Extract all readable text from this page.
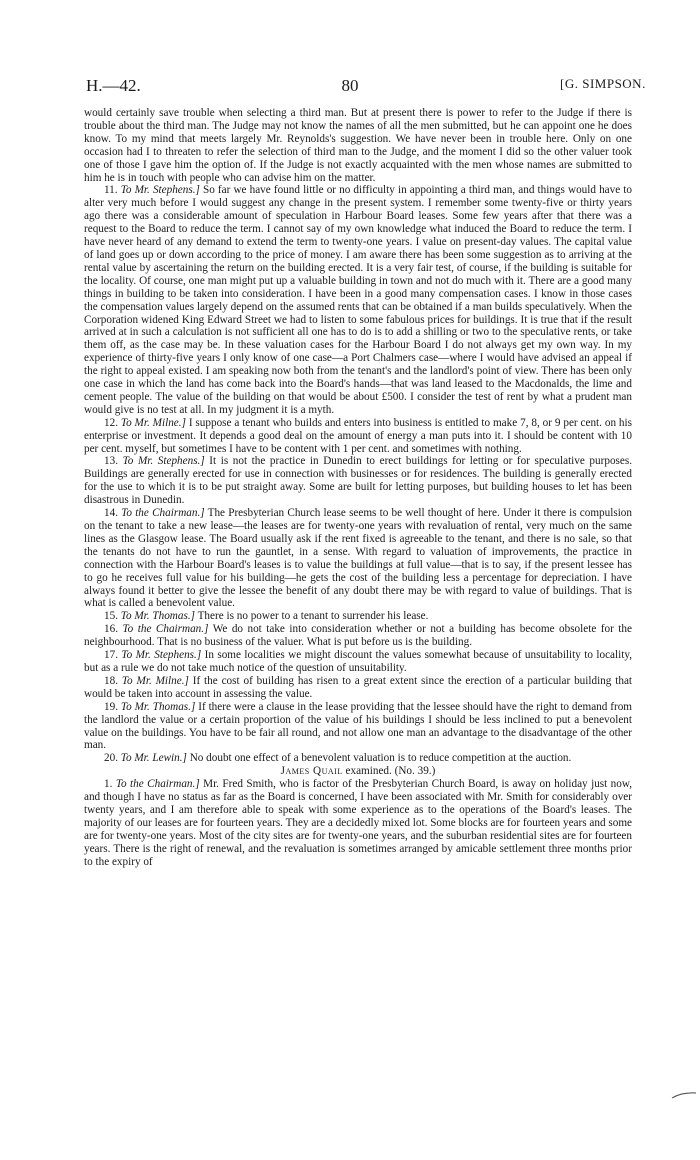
H.—42.	80	[G. SIMPSON.

would certainly save trouble when selecting a third man. But at present there is power to refer to the Judge if there is trouble about the third man. The Judge may not know the names of all the men submitted, but he can appoint one he does know. To my mind that meets largely Mr. Reynolds's suggestion. We have never been in trouble here. Only on one occasion had I to threaten to refer the selection of third man to the Judge, and the moment I did so the other valuer took one of those I gave him the option of. If the Judge is not exactly acquainted with the men whose names are submitted to him he is in touch with people who can advise him on the matter.

11. To Mr. Stephens.] So far we have found little or no difficulty in appointing a third man, and things would have to alter very much before I would suggest any change in the present system. I remember some twenty-five or thirty years ago there was a considerable amount of speculation in Harbour Board leases. Some few years after that there was a request to the Board to reduce the term. I cannot say of my own knowledge what induced the Board to reduce the term. I have never heard of any demand to extend the term to twenty-one years. I value on present-day values. The capital value of land goes up or down according to the price of money. I am aware there has been some suggestion as to arriving at the rental value by ascertaining the return on the building erected. It is a very fair test, of course, if the building is suitable for the locality. Of course, one man might put up a valuable building in town and not do much with it. There are a good many things in building to be taken into consideration. I have been in a good many compensation cases. I know in those cases the compensation values largely depend on the assumed rents that can be obtained if a man builds speculatively. When the Corporation widened King Edward Street we had to listen to some fabulous prices for buildings. It is true that if the result arrived at in such a calculation is not sufficient all one has to do is to add a shilling or two to the speculative rents, or take them off, as the case may be. In these valuation cases for the Harbour Board I do not always get my own way. In my experience of thirty-five years I only know of one case—a Port Chalmers case—where I would have advised an appeal if the right to appeal existed. I am speaking now both from the tenant's and the landlord's point of view. There has been only one case in which the land has come back into the Board's hands—that was land leased to the Macdonalds, the lime and cement people. The value of the building on that would be about £500. I consider the test of rent by what a prudent man would give is no test at all. In my judgment it is a myth.

12. To Mr. Milne.] I suppose a tenant who builds and enters into business is entitled to make 7, 8, or 9 per cent. on his enterprise or investment. It depends a good deal on the amount of energy a man puts into it. I should be content with 10 per cent. myself, but sometimes I have to be content with 1 per cent. and sometimes with nothing.

13. To Mr. Stephens.] It is not the practice in Dunedin to erect buildings for letting or for speculative purposes. Buildings are generally erected for use in connection with businesses or for residences. The building is generally erected for the use to which it is to be put straight away. Some are built for letting purposes, but building houses to let has been disastrous in Dunedin.

14. To the Chairman.] The Presbyterian Church lease seems to be well thought of here. Under it there is compulsion on the tenant to take a new lease—the leases are for twenty-one years with revaluation of rental, very much on the same lines as the Glasgow lease. The Board usually ask if the rent fixed is agreeable to the tenant, and there is no sale, so that the tenants do not have to run the gauntlet, in a sense. With regard to valuation of improvements, the practice in connection with the Harbour Board's leases is to value the buildings at full value—that is to say, if the present lessee has to go he receives full value for his building—he gets the cost of the building less a percentage for depreciation. I have always found it better to give the lessee the benefit of any doubt there may be with regard to value of buildings. That is what is called a benevolent value.

15. To Mr. Thomas.] There is no power to a tenant to surrender his lease.

16. To the Chairman.] We do not take into consideration whether or not a building has become obsolete for the neighbourhood. That is no business of the valuer. What is put before us is the building.

17. To Mr. Stephens.] In some localities we might discount the values somewhat because of unsuitability to locality, but as a rule we do not take much notice of the question of unsuitability.

18. To Mr. Milne.] If the cost of building has risen to a great extent since the erection of a particular building that would be taken into account in assessing the value.

19. To Mr. Thomas.] If there were a clause in the lease providing that the lessee should have the right to demand from the landlord the value or a certain proportion of the value of his buildings I should be less inclined to put a benevolent value on the buildings. You have to be fair all round, and not allow one man an advantage to the disadvantage of the other man.

20. To Mr. Lewin.] No doubt one effect of a benevolent valuation is to reduce competition at the auction.

James Quail examined. (No. 39.)

1. To the Chairman.] Mr. Fred Smith, who is factor of the Presbyterian Church Board, is away on holiday just now, and though I have no status as far as the Board is concerned, I have been associated with Mr. Smith for considerably over twenty years, and I am therefore able to speak with some experience as to the operations of the Board's leases. The majority of our leases are for fourteen years. They are a decidedly mixed lot. Some blocks are for fourteen years and some are for twenty-one years. Most of the city sites are for twenty-one years, and the suburban residential sites are for fourteen years. There is the right of renewal, and the revaluation is sometimes arranged by amicable settlement three months prior to the expiry of
